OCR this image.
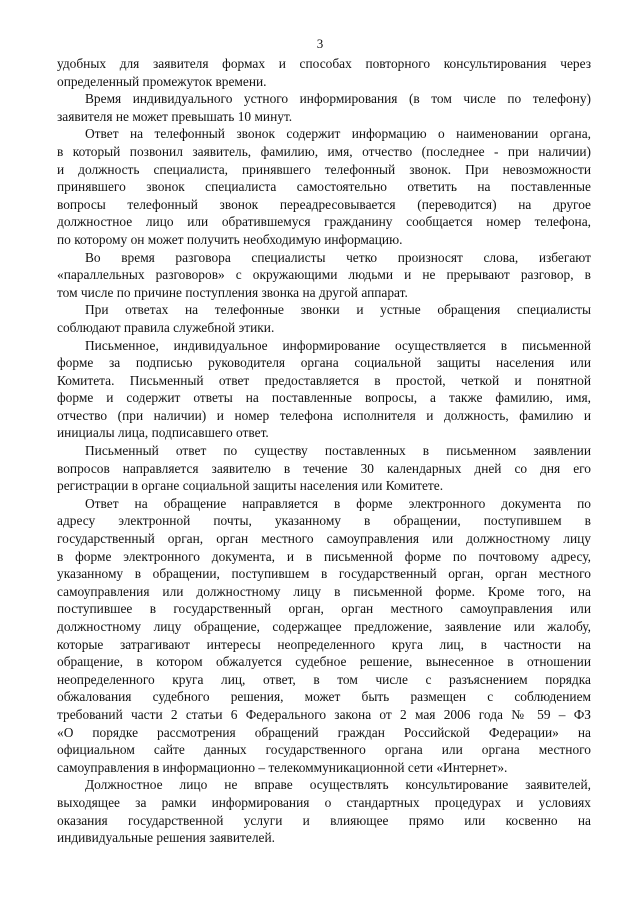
3
удобных для заявителя формах и способах повторного консультирования через
определенный промежуток времени.
Время индивидуального устного информирования (в том числе по телефону)
заявителя не может превышать 10 минут.
Ответ на телефонный звонок содержит информацию о наименовании органа,
в который позвонил заявитель, фамилию, имя, отчество (последнее - при наличии)
и должность специалиста, принявшего телефонный звонок. При невозможности
принявшего звонок специалиста самостоятельно ответить на поставленные
вопросы телефонный звонок переадресовывается (переводится) на другое
должностное лицо или обратившемуся гражданину сообщается номер телефона,
по которому он может получить необходимую информацию.
Во время разговора специалисты четко произносят слова, избегают
«параллельных разговоров» с окружающими людьми и не прерывают разговор, в
том числе по причине поступления звонка на другой аппарат.
При ответах на телефонные звонки и устные обращения специалисты
соблюдают правила служебной этики.
Письменное, индивидуальное информирование осуществляется в письменной
форме за подписью руководителя органа социальной защиты населения или
Комитета. Письменный ответ предоставляется в простой, четкой и понятной
форме и содержит ответы на поставленные вопросы, а также фамилию, имя,
отчество (при наличии) и номер телефона исполнителя и должность, фамилию и
инициалы лица, подписавшего ответ.
Письменный ответ по существу поставленных в письменном заявлении
вопросов направляется заявителю в течение 30 календарных дней со дня его
регистрации в органе социальной защиты населения или Комитете.
Ответ на обращение направляется в форме электронного документа по
адресу электронной почты, указанному в обращении, поступившем в
государственный орган, орган местного самоуправления или должностному лицу
в форме электронного документа, и в письменной форме по почтовому адресу,
указанному в обращении, поступившем в государственный орган, орган местного
самоуправления или должностному лицу в письменной форме. Кроме того, на
поступившее в государственный орган, орган местного самоуправления или
должностному лицу обращение, содержащее предложение, заявление или жалобу,
которые затрагивают интересы неопределенного круга лиц, в частности на
обращение, в котором обжалуется судебное решение, вынесенное в отношении
неопределенного круга лиц, ответ, в том числе с разъяснением порядка
обжалования судебного решения, может быть размещен с соблюдением
требований части 2 статьи 6 Федерального закона от 2 мая 2006 года № 59 – ФЗ
«О порядке рассмотрения обращений граждан Российской Федерации» на
официальном сайте данных государственного органа или органа местного
самоуправления в информационно – телекоммуникационной сети «Интернет».
Должностное лицо не вправе осуществлять консультирование заявителей,
выходящее за рамки информирования о стандартных процедурах и условиях
оказания государственной услуги и влияющее прямо или косвенно на
индивидуальные решения заявителей.
